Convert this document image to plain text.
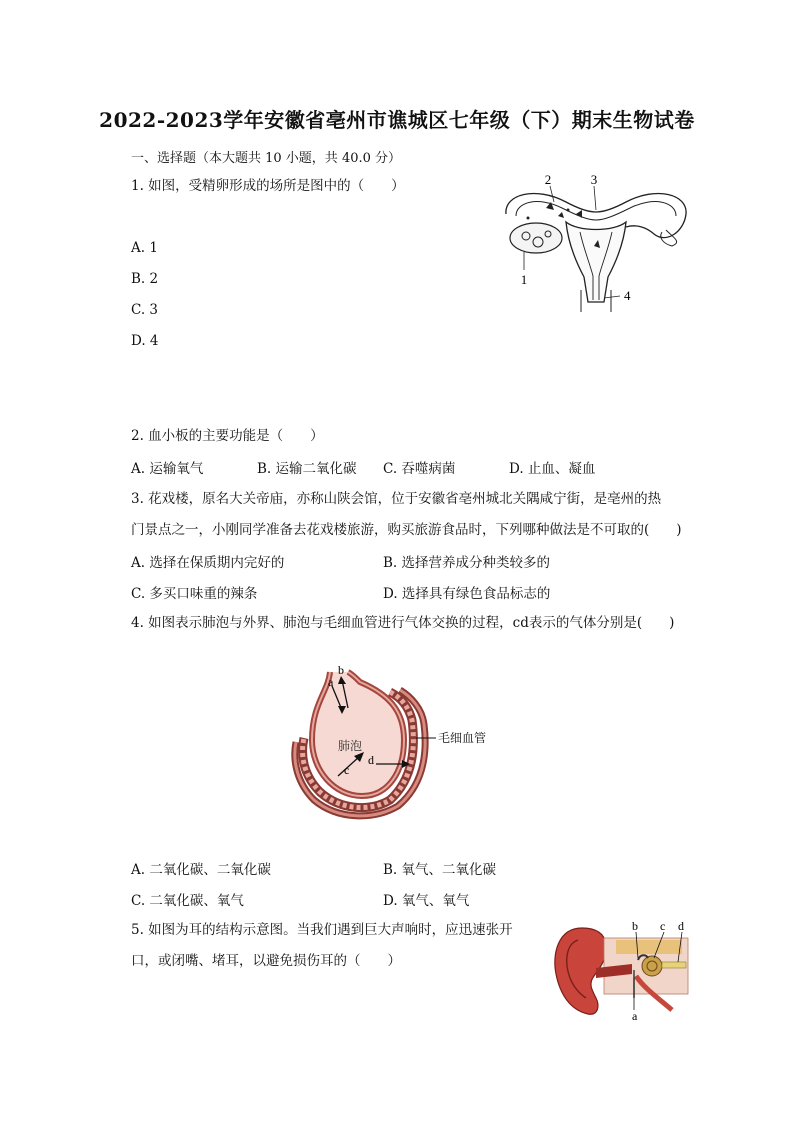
2022-2023学年安徽省亳州市谯城区七年级（下）期末生物试卷
一、选择题（本大题共 10 小题，共 40.0 分）
1. 如图，受精卵形成的场所是图中的（　　）
A. 1
B. 2
C. 3
D. 4
1
2	3
4
2. 血小板的主要功能是（　　）
A. 运输氧气	B. 运输二氧化碳 C. 吞噬病菌	D. 止血、凝血
3. 花戏楼，原名大关帝庙，亦称山陕会馆，位于安徽省亳州城北关隅咸宁街，是亳州的热
门景点之一，小刚同学准备去花戏楼旅游，购买旅游食品时，下列哪种做法是不可取的(　　)
A. 选择在保质期内完好的	B. 选择营养成分种类较多的
C. 多买口味重的辣条	D. 选择具有绿色食品标志的
4. 如图表示肺泡与外界、肺泡与毛细血管进行气体交换的过程，cd表示的气体分别是(　　)
a
b
c
d
肺泡
毛细血管
A. 二氧化碳、二氧化碳	B. 氧气、二氧化碳
C. 二氧化碳、氧气	D. 氧气、氧气
5. 如图为耳的结构示意图。当我们遇到巨大声响时，应迅速张开
口，或闭嘴、堵耳，以避免损伤耳的（　　）
a
b c d
